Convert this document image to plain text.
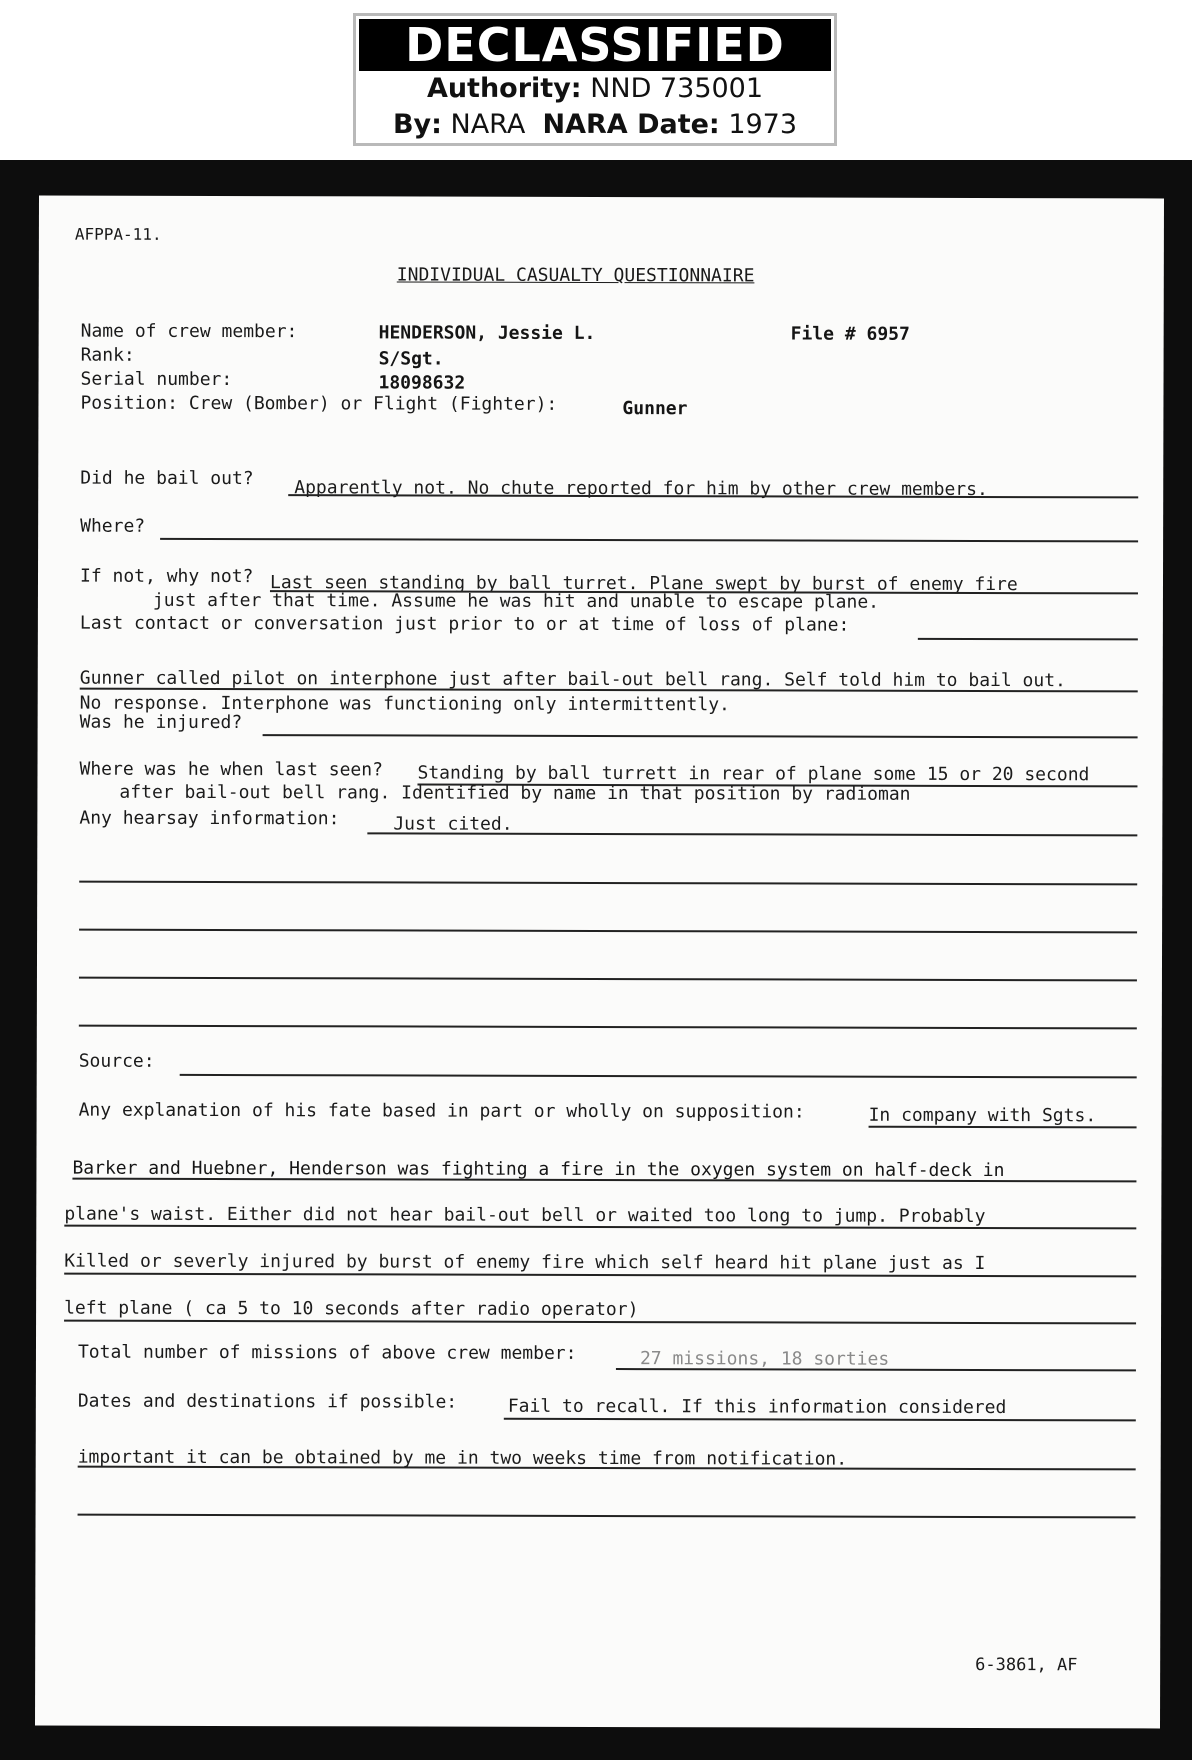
DECLASSIFIED
Authority: NND 735001
By: NARA NARA Date: 1973
AFPPA-11.
INDIVIDUAL CASUALTY QUESTIONNAIRE
Name of crew member:	HENDERSON, Jessie L.	File # 6957
Rank:	S/Sgt.
Serial number:	18098632
Position: Crew (Bomber) or Flight (Fighter):	Gunner
Did he bail out? Apparently not. No chute reported for him by other crew members.
Where?
If not, why not? Last seen standing by ball turret. Plane swept by burst of enemy fire
just after that time. Assume he was hit and unable to escape plane.
Last contact or conversation just prior to or at time of loss of plane:
Gunner called pilot on interphone just after bail-out bell rang. Self told him to bail out.
No response. Interphone was functioning only intermittently.
Was he injured?
Where was he when last seen? Standing by ball turrett in rear of plane some 15 or 20 second
after bail-out bell rang. Identified by name in that position by radioman
Any hearsay information:	Just cited.
Source:
Any explanation of his fate based in part or wholly on supposition:	In company with Sgts.
Barker and Huebner, Henderson was fighting a fire in the oxygen system on half-deck in
plane's waist. Either did not hear bail-out bell or waited too long to jump. Probably
Killed or severly injured by burst of enemy fire which self heard hit plane just as I
left plane ( ca 5 to 10 seconds after radio operator)
Total number of missions of above crew member:	27 missions, 18 sorties
Dates and destinations if possible:	Fail to recall. If this information considered
important it can be obtained by me in two weeks time from notification.
6-3861, AF
